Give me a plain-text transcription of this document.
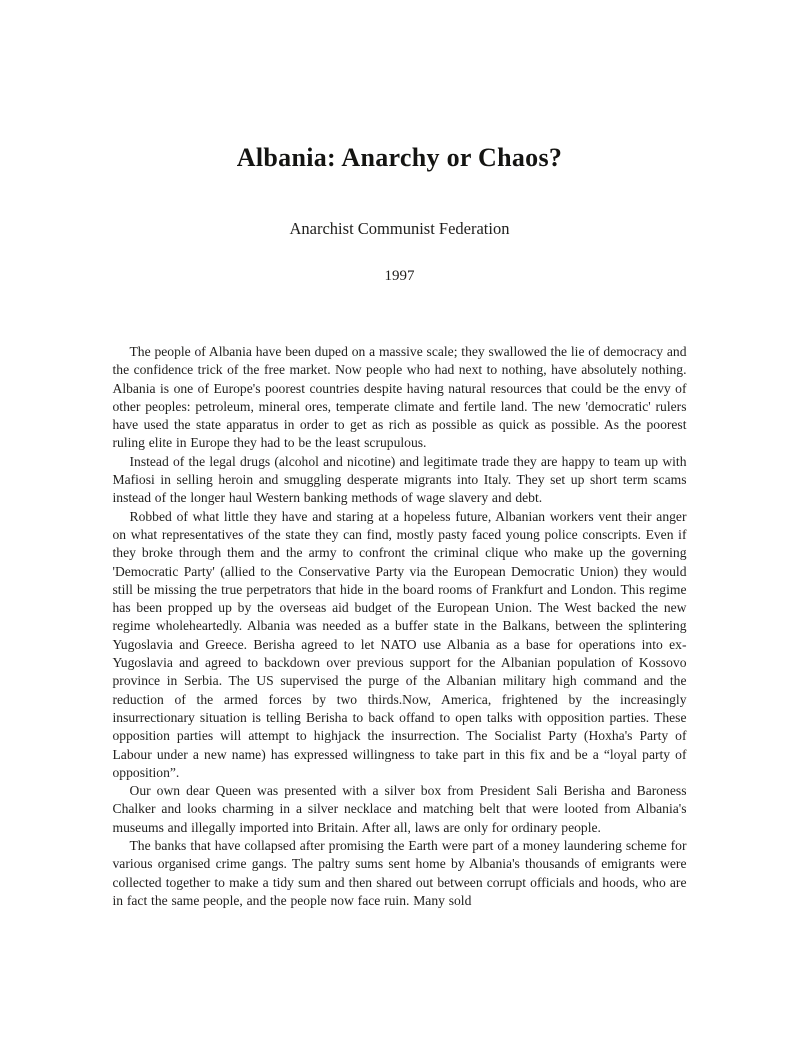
Albania: Anarchy or Chaos?
Anarchist Communist Federation
1997

The people of Albania have been duped on a massive scale; they swallowed the lie of democracy and the confidence trick of the free market. Now people who had next to nothing, have absolutely nothing. Albania is one of Europe's poorest countries despite having natural resources that could be the envy of other peoples: petroleum, mineral ores, temperate climate and fertile land. The new 'democratic' rulers have used the state apparatus in order to get as rich as possible as quick as possible. As the poorest ruling elite in Europe they had to be the least scrupulous.

Instead of the legal drugs (alcohol and nicotine) and legitimate trade they are happy to team up with Mafiosi in selling heroin and smuggling desperate migrants into Italy. They set up short term scams instead of the longer haul Western banking methods of wage slavery and debt.

Robbed of what little they have and staring at a hopeless future, Albanian workers vent their anger on what representatives of the state they can find, mostly pasty faced young police conscripts. Even if they broke through them and the army to confront the criminal clique who make up the governing 'Democratic Party' (allied to the Conservative Party via the European Democratic Union) they would still be missing the true perpetrators that hide in the board rooms of Frankfurt and London. This regime has been propped up by the overseas aid budget of the European Union. The West backed the new regime wholeheartedly. Albania was needed as a buffer state in the Balkans, between the splintering Yugoslavia and Greece. Berisha agreed to let NATO use Albania as a base for operations into ex-Yugoslavia and agreed to backdown over previous support for the Albanian population of Kossovo province in Serbia. The US supervised the purge of the Albanian military high command and the reduction of the armed forces by two thirds.Now, America, frightened by the increasingly insurrectionary situation is telling Berisha to back offand to open talks with opposition parties. These opposition parties will attempt to highjack the insurrection. The Socialist Party (Hoxha's Party of Labour under a new name) has expressed willingness to take part in this fix and be a “loyal party of opposition”.

Our own dear Queen was presented with a silver box from President Sali Berisha and Baroness Chalker and looks charming in a silver necklace and matching belt that were looted from Albania's museums and illegally imported into Britain. After all, laws are only for ordinary people.

The banks that have collapsed after promising the Earth were part of a money laundering scheme for various organised crime gangs. The paltry sums sent home by Albania's thousands of emigrants were collected together to make a tidy sum and then shared out between corrupt officials and hoods, who are in fact the same people, and the people now face ruin. Many sold
